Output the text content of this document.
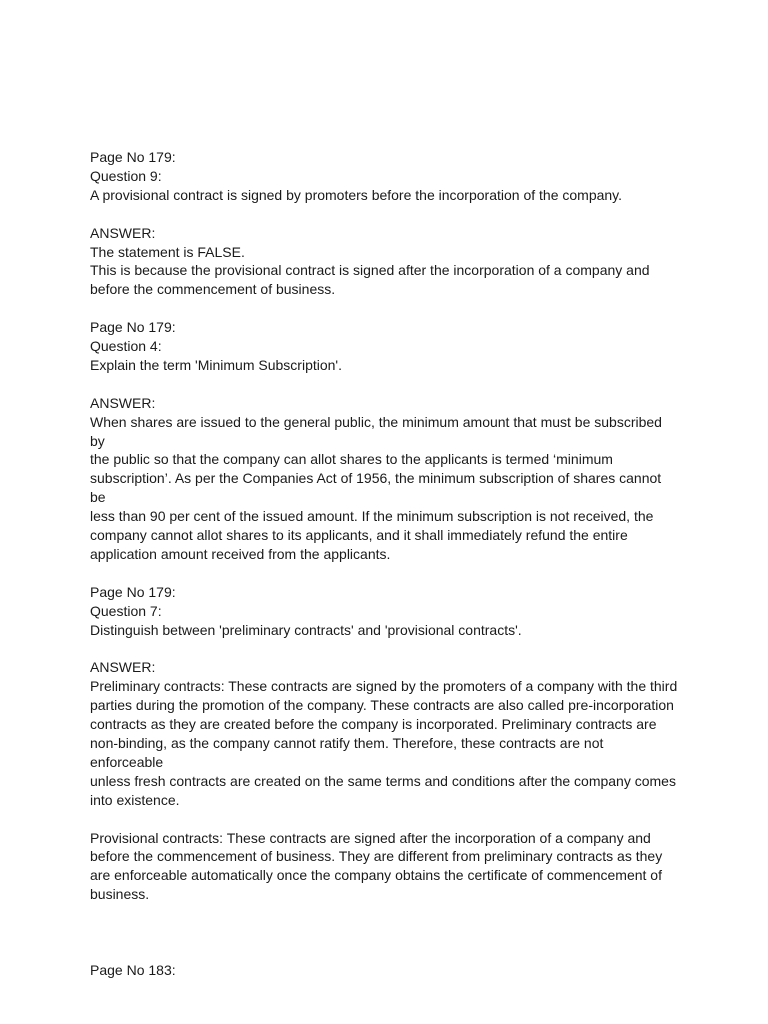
Page No 179:
Question 9:
A provisional contract is signed by promoters before the incorporation of the company.
ANSWER:
The statement is FALSE.
This is because the provisional contract is signed after the incorporation of a company and
before the commencement of business.
Page No 179:
Question 4:
Explain the term 'Minimum Subscription'.
ANSWER:
When shares are issued to the general public, the minimum amount that must be subscribed by
the public so that the company can allot shares to the applicants is termed ‘minimum
subscription’. As per the Companies Act of 1956, the minimum subscription of shares cannot be
less than 90 per cent of the issued amount. If the minimum subscription is not received, the
company cannot allot shares to its applicants, and it shall immediately refund the entire
application amount received from the applicants.
Page No 179:
Question 7:
Distinguish between 'preliminary contracts' and 'provisional contracts'.
ANSWER:
Preliminary contracts: These contracts are signed by the promoters of a company with the third
parties during the promotion of the company. These contracts are also called pre-incorporation
contracts as they are created before the company is incorporated. Preliminary contracts are
non-binding, as the company cannot ratify them. Therefore, these contracts are not enforceable
unless fresh contracts are created on the same terms and conditions after the company comes
into existence.
Provisional contracts: These contracts are signed after the incorporation of a company and
before the commencement of business. They are different from preliminary contracts as they
are enforceable automatically once the company obtains the certificate of commencement of
business.
Page No 183:
